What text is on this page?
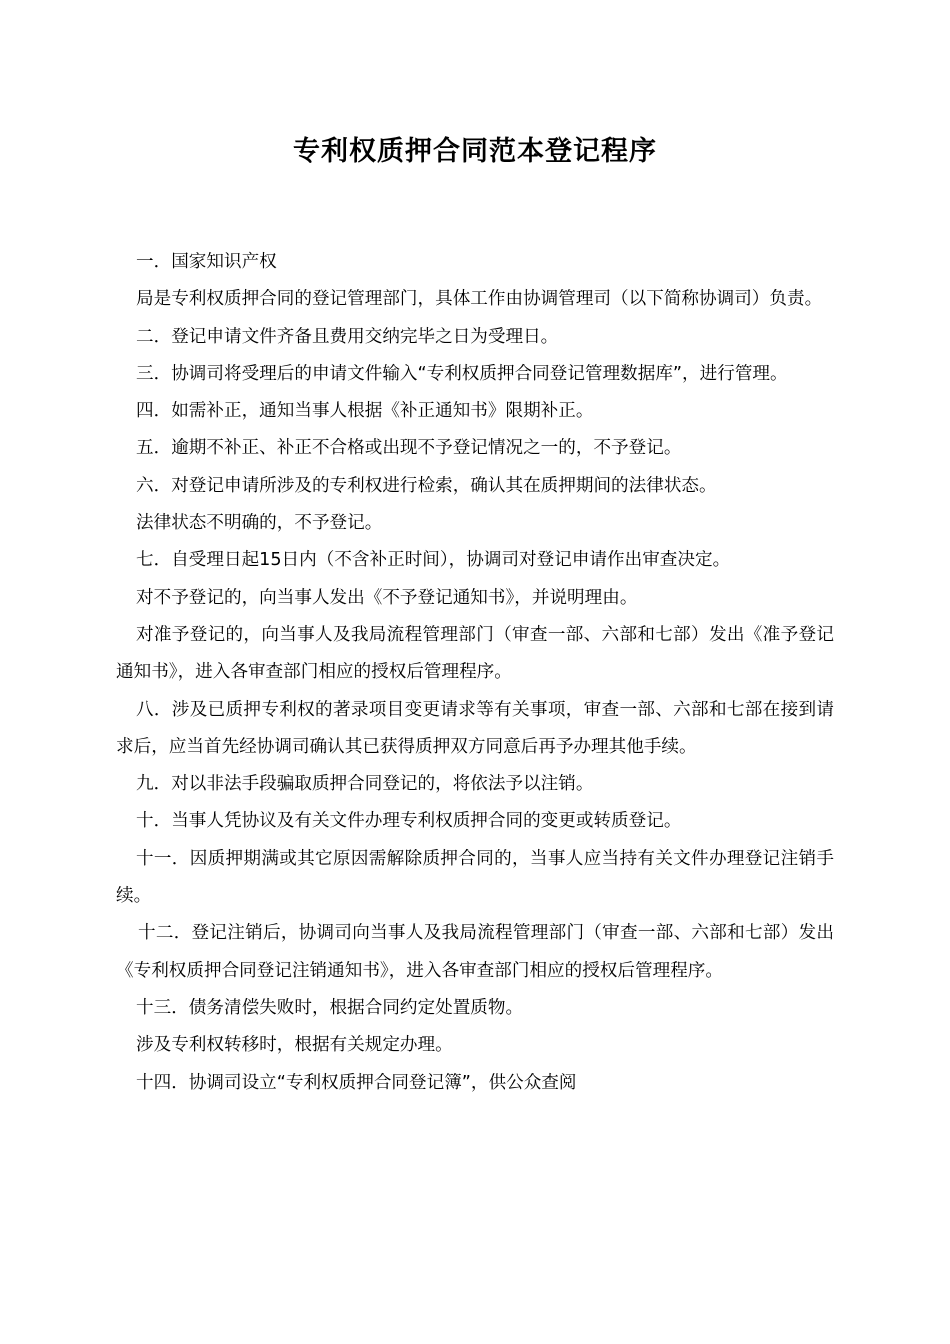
专利权质押合同范本登记程序

一．国家知识产权

局是专利权质押合同的登记管理部门，具体工作由协调管理司（以下简称协调司）负责。

二．登记申请文件齐备且费用交纳完毕之日为受理日。

三．协调司将受理后的申请文件输入“专利权质押合同登记管理数据库”，进行管理。

四．如需补正，通知当事人根据《补正通知书》限期补正。

五．逾期不补正、补正不合格或出现不予登记情况之一的，不予登记。

六．对登记申请所涉及的专利权进行检索，确认其在质押期间的法律状态。

法律状态不明确的，不予登记。

七．自受理日起15日内（不含补正时间），协调司对登记申请作出审查决定。

对不予登记的，向当事人发出《不予登记通知书》，并说明理由。

对准予登记的，向当事人及我局流程管理部门（审查一部、六部和七部）发出《准予登记通知书》，进入各审查部门相应的授权后管理程序。

八．涉及已质押专利权的著录项目变更请求等有关事项，审查一部、六部和七部在接到请求后，应当首先经协调司确认其已获得质押双方同意后再予办理其他手续。

九．对以非法手段骗取质押合同登记的，将依法予以注销。

十．当事人凭协议及有关文件办理专利权质押合同的变更或转质登记。

十一．因质押期满或其它原因需解除质押合同的，当事人应当持有关文件办理登记注销手续。

十二．登记注销后，协调司向当事人及我局流程管理部门（审查一部、六部和七部）发出《专利权质押合同登记注销通知书》，进入各审查部门相应的授权后管理程序。

十三．债务清偿失败时，根据合同约定处置质物。

涉及专利权转移时，根据有关规定办理。

十四．协调司设立“专利权质押合同登记簿”，供公众查阅
